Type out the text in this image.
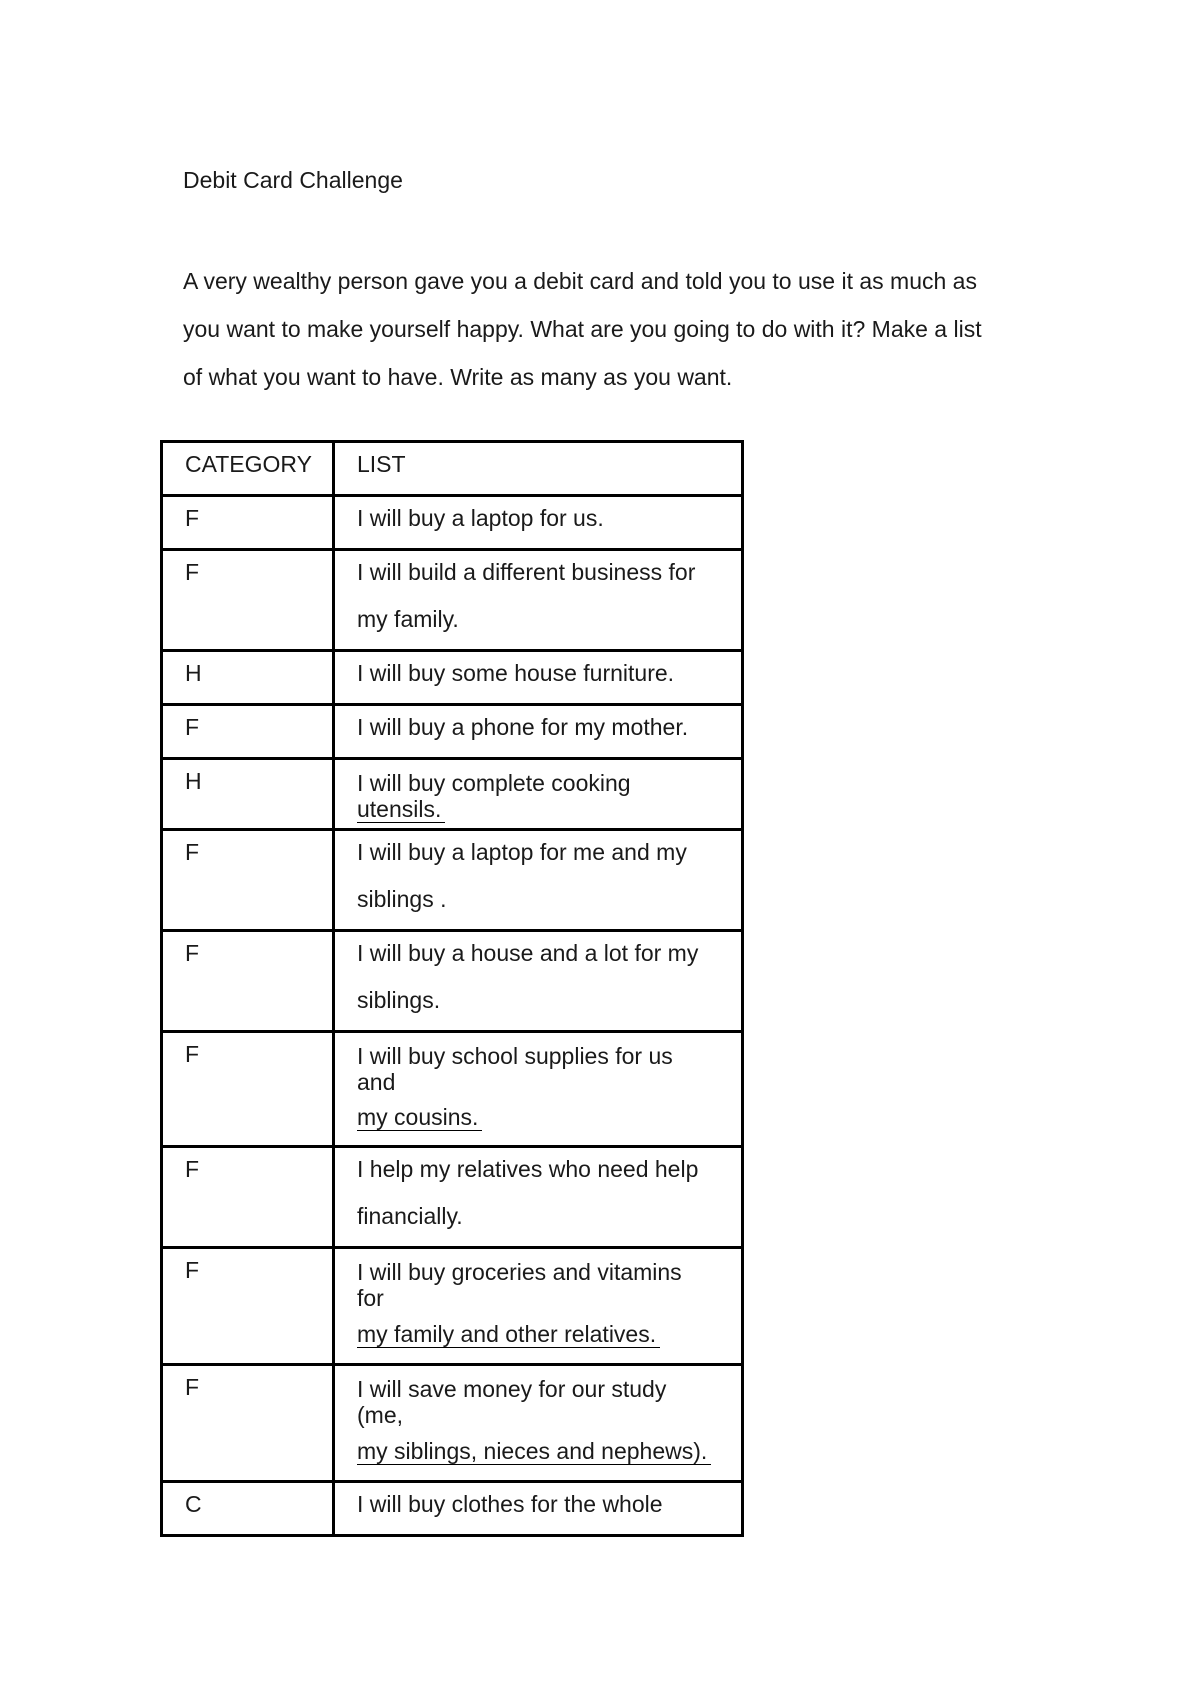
Debit Card Challenge
A very wealthy person gave you a debit card and told you to use it as much as
you want to make yourself happy. What are you going to do with it? Make a list
of what you want to have. Write as many as you want.
CATEGORY	LIST

F	I will buy a laptop for us.

F	I will build a different business for
my family.

H	I will buy some house furniture.

F	I will buy a phone for my mother.

H	I will buy complete cooking
utensils.

F	I will buy a laptop for me and my
siblings .

F	I will buy a house and a lot for my
siblings.

F	I will buy school supplies for us
and
my cousins.

F	I help my relatives who need help
financially.

F	I will buy groceries and vitamins
for
my family and other relatives.

F	I will save money for our study
(me,
my siblings, nieces and nephews).

C	I will buy clothes for the whole
